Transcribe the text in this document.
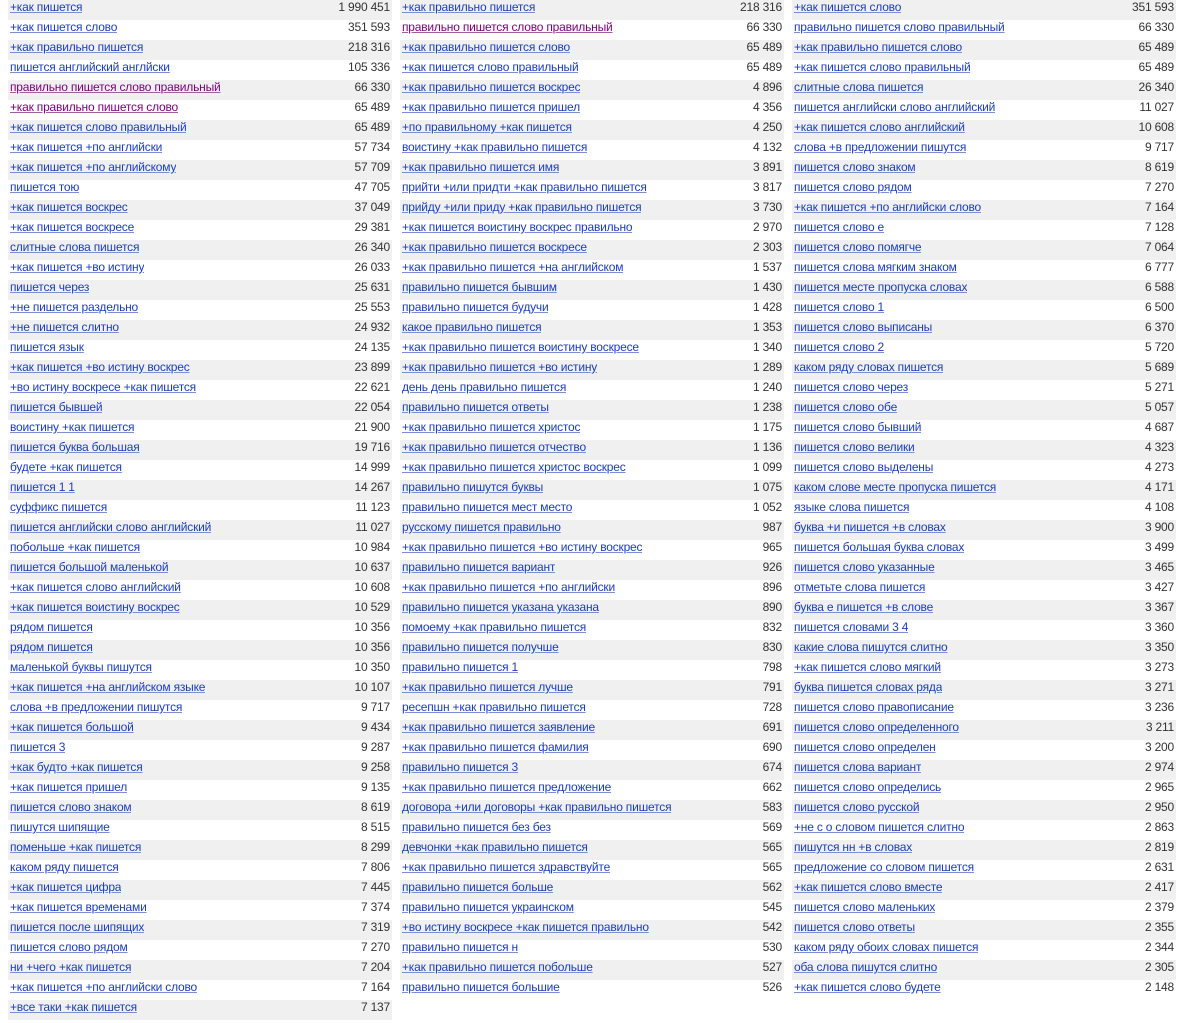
+как пишется	1 990 451
+как пишется слово	351 593
+как правильно пишется	218 316
пишется английский англйски	105 336
правильно пишется слово правильный	66 330
+как правильно пишется слово	65 489
+как пишется слово правильный	65 489
+как пишется +по английски	57 734
+как пишется +по английскому	57 709
пишется тою	47 705
+как пишется воскрес	37 049
+как пишется воскресе	29 381
слитные слова пишется	26 340
+как пишется +во истину	26 033
пишется через	25 631
+не пишется раздельно	25 553
+не пишется слитно	24 932
пишется язык	24 135
+как пишется +во истину воскрес	23 899
+во истину воскресе +как пишется	22 621
пишется бывшей	22 054
воистину +как пишется	21 900
пишется буква большая	19 716
будете +как пишется	14 999
пишется 1 1	14 267
суффикс пишется	11 123
пишется английски слово английский	11 027
побольше +как пишется	10 984
пишется большой маленькой	10 637
+как пишется слово английский	10 608
+как пишется воистину воскрес	10 529
рядом пишется	10 356
рядом пишется	10 356
маленькой буквы пишутся	10 350
+как пишется +на английском языке	10 107
слова +в предложении пишутся	9 717
+как пишется большой	9 434
пишется 3	9 287
+как будто +как пишется	9 258
+как пишется пришел	9 135
пишется слово знаком	8 619
пишутся шипящие	8 515
поменьше +как пишется	8 299
каком ряду пишется	7 806
+как пишется цифра	7 445
+как пишется временами	7 374
пишется после шипящих	7 319
пишется слово рядом	7 270
ни +чего +как пишется	7 204
+как пишется +по английски слово	7 164
+все таки +как пишется	7 137
+как правильно пишется	218 316
правильно пишется слово правильный	66 330
+как правильно пишется слово	65 489
+как пишется слово правильный	65 489
+как правильно пишется воскрес	4 896
+как правильно пишется пришел	4 356
+по правильному +как пишется	4 250
воистину +как правильно пишется	4 132
+как правильно пишется имя	3 891
прийти +или придти +как правильно пишется	3 817
прийду +или приду +как правильно пишется	3 730
+как пишется воистину воскрес правильно	2 970
+как правильно пишется воскресе	2 303
+как правильно пишется +на английском	1 537
правильно пишется бывшим	1 430
правильно пишется будучи	1 428
какое правильно пишется	1 353
+как правильно пишется воистину воскресе	1 340
+как правильно пишется +во истину	1 289
день день правильно пишется	1 240
правильно пишется ответы	1 238
+как правильно пишется христос	1 175
+как правильно пишется отчество	1 136
+как правильно пишется христос воскрес	1 099
правильно пишутся буквы	1 075
правильно пишется мест место	1 052
русскому пишется правильно	987
+как правильно пишется +во истину воскрес	965
правильно пишется вариант	926
+как правильно пишется +по английски	896
правильно пишется указана указана	890
помоему +как правильно пишется	832
правильно пишется получше	830
правильно пишется 1	798
+как правильно пишется лучше	791
ресепшн +как правильно пишется	728
+как правильно пишется заявление	691
+как правильно пишется фамилия	690
правильно пишется 3	674
+как правильно пишется предложение	662
договора +или договоры +как правильно пишется	583
правильно пишется без без	569
девчонки +как правильно пишется	565
+как правильно пишется здравствуйте	565
правильно пишется больше	562
правильно пишется украинском	545
+во истину воскресе +как пишется правильно	542
правильно пишется н	530
+как правильно пишется побольше	527
правильно пишется большие	526
+как пишется слово	351 593
правильно пишется слово правильный	66 330
+как правильно пишется слово	65 489
+как пишется слово правильный	65 489
слитные слова пишется	26 340
пишется английски слово английский	11 027
+как пишется слово английский	10 608
слова +в предложении пишутся	9 717
пишется слово знаком	8 619
пишется слово рядом	7 270
+как пишется +по английски слово	7 164
пишется слово е	7 128
пишется слово помягче	7 064
пишется слова мягким знаком	6 777
пишется месте пропуска словах	6 588
пишется слово 1	6 500
пишется слово выписаны	6 370
пишется слово 2	5 720
каком ряду словах пишется	5 689
пишется слово через	5 271
пишется слово обе	5 057
пишется слово бывший	4 687
пишется слово велики	4 323
пишется слово выделены	4 273
каком слове месте пропуска пишется	4 171
языке слова пишется	4 108
буква +и пишется +в словах	3 900
пишется большая буква словах	3 499
пишется слово указанные	3 465
отметьте слова пишется	3 427
буква е пишется +в слове	3 367
пишется словами 3 4	3 360
какие слова пишутся слитно	3 350
+как пишется слово мягкий	3 273
буква пишется словах ряда	3 271
пишется слово правописание	3 236
пишется слово определенного	3 211
пишется слово определен	3 200
пишется слова вариант	2 974
пишется слово определись	2 965
пишется слово русской	2 950
+не с о словом пишется слитно	2 863
пишутся нн +в словах	2 819
предложение со словом пишется	2 631
+как пишется слово вместе	2 417
пишется слово маленьких	2 379
пишется слово ответы	2 355
каком ряду обоих словах пишется	2 344
оба слова пишутся слитно	2 305
+как пишется слово будете	2 148
